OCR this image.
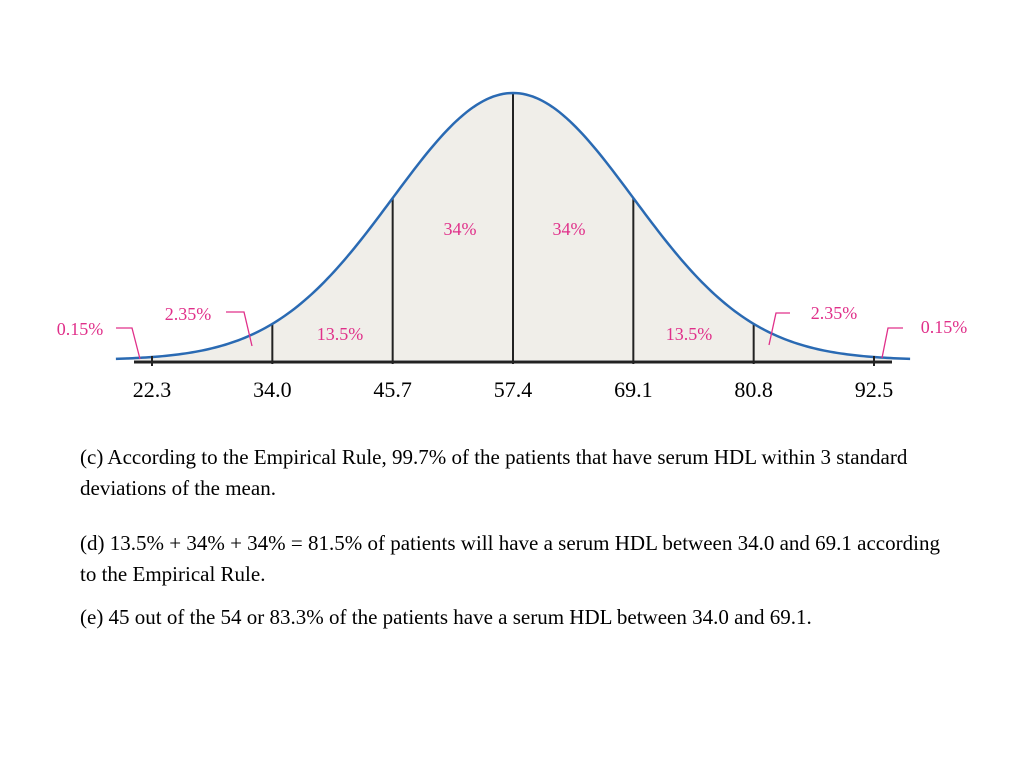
22.3	34.0	45.7	57.4	69.1	80.8	92.5
0.15%
2.35%
13.5%
34%	34%
13.5%
2.35%
0.15%
(c) According to the Empirical Rule, 99.7% of the patients that have serum HDL within 3 standard deviations of the mean.
(d) 13.5% + 34% + 34% = 81.5% of patients will have a serum HDL between 34.0 and 69.1 according to the Empirical Rule.
(e) 45 out of the 54 or 83.3% of the patients have a serum HDL between 34.0 and 69.1.
